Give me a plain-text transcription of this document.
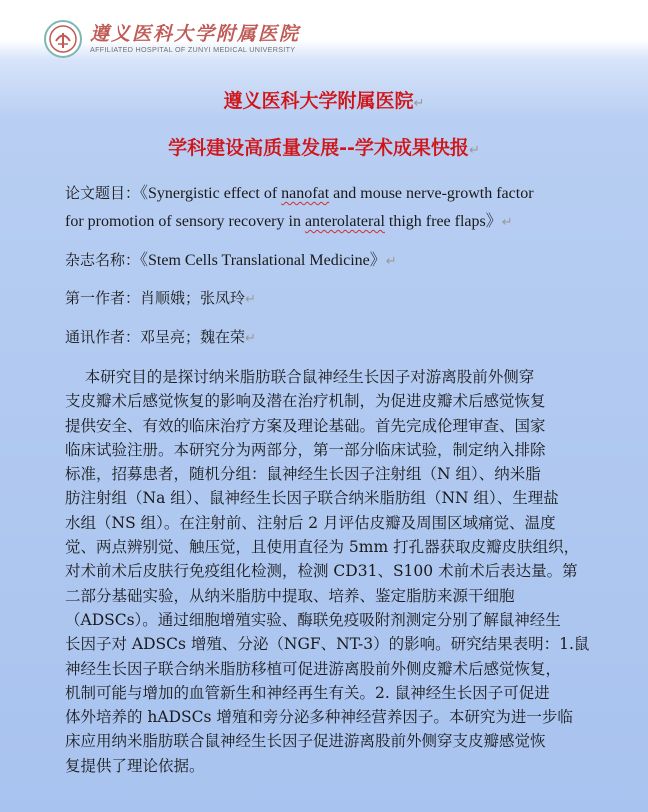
遵义医科大学附属医院
AFFILIATED HOSPITAL OF ZUNYI MEDICAL UNIVERSITY
遵义医科大学附属医院↵
学科建设高质量发展--学术成果快报↵
论文题目：《Synergistic effect of nanofat and mouse nerve-growth factor
for promotion of sensory recovery in anterolateral thigh free flaps》↵
杂志名称：《Stem Cells Translational Medicine》↵
第一作者：肖顺娥；张凤玲↵
通讯作者：邓呈亮；魏在荣↵
本研究目的是探讨纳米脂肪联合鼠神经生长因子对游离股前外侧穿
支皮瓣术后感觉恢复的影响及潜在治疗机制，为促进皮瓣术后感觉恢复
提供安全、有效的临床治疗方案及理论基础。首先完成伦理审查、国家
临床试验注册。本研究分为两部分，第一部分临床试验，制定纳入排除
标准，招募患者，随机分组：鼠神经生长因子注射组（N 组）、纳米脂
肪注射组（Na 组）、鼠神经生长因子联合纳米脂肪组（NN 组）、生理盐
水组（NS 组）。在注射前、注射后 2 月评估皮瓣及周围区域痛觉、温度
觉、两点辨别觉、触压觉，且使用直径为 5mm 打孔器获取皮瓣皮肤组织，
对术前术后皮肤行免疫组化检测，检测 CD31、S100 术前术后表达量。第
二部分基础实验，从纳米脂肪中提取、培养、鉴定脂肪来源干细胞
（ADSCs）。通过细胞增殖实验、酶联免疫吸附剂测定分别了解鼠神经生
长因子对 ADSCs 增殖、分泌（NGF、NT-3）的影响。研究结果表明：1.鼠
神经生长因子联合纳米脂肪移植可促进游离股前外侧皮瓣术后感觉恢复，
机制可能与增加的血管新生和神经再生有关。2. 鼠神经生长因子可促进
体外培养的 hADSCs 增殖和旁分泌多种神经营养因子。本研究为进一步临
床应用纳米脂肪联合鼠神经生长因子促进游离股前外侧穿支皮瓣感觉恢
复提供了理论依据。
